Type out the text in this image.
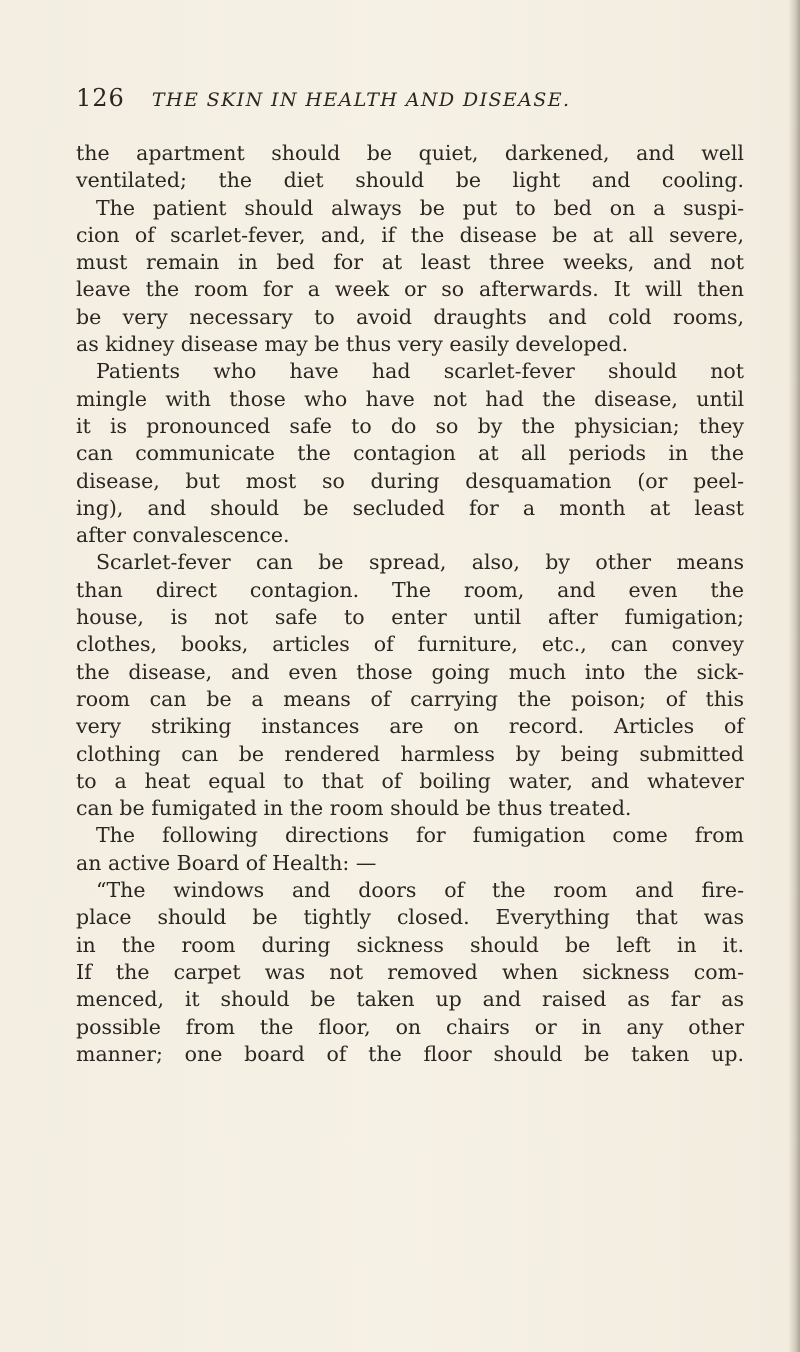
126 THE SKIN IN HEALTH AND DISEASE.
the apartment should be quiet, darkened, and well
ventilated; the diet should be light and cooling.
The patient should always be put to bed on a suspi-
cion of scarlet-fever, and, if the disease be at all severe,
must remain in bed for at least three weeks, and not
leave the room for a week or so afterwards. It will then
be very necessary to avoid draughts and cold rooms,
as kidney disease may be thus very easily developed.
Patients who have had scarlet-fever should not
mingle with those who have not had the disease, until
it is pronounced safe to do so by the physician; they
can communicate the contagion at all periods in the
disease, but most so during desquamation (or peel-
ing), and should be secluded for a month at least
after convalescence.
Scarlet-fever can be spread, also, by other means
than direct contagion. The room, and even the
house, is not safe to enter until after fumigation;
clothes, books, articles of furniture, etc., can convey
the disease, and even those going much into the sick-
room can be a means of carrying the poison; of this
very striking instances are on record. Articles of
clothing can be rendered harmless by being submitted
to a heat equal to that of boiling water, and whatever
can be fumigated in the room should be thus treated.
The following directions for fumigation come from
an active Board of Health: —
“The windows and doors of the room and fire-
place should be tightly closed. Everything that was
in the room during sickness should be left in it.
If the carpet was not removed when sickness com-
menced, it should be taken up and raised as far as
possible from the floor, on chairs or in any other
manner; one board of the floor should be taken up.
